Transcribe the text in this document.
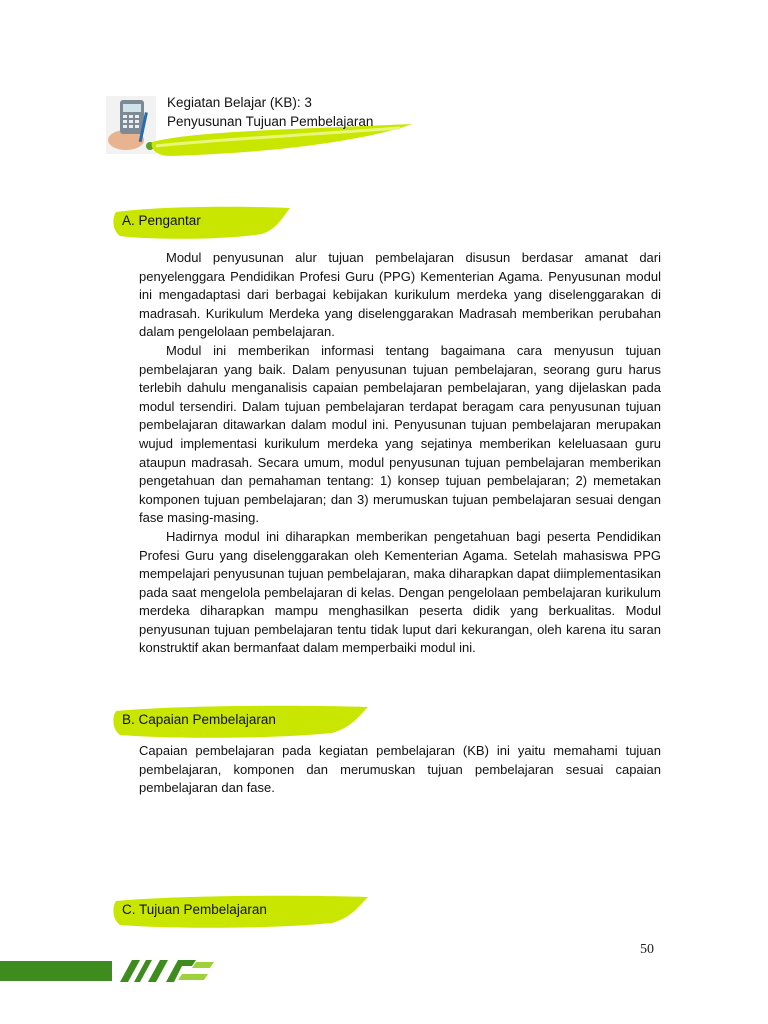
Kegiatan Belajar (KB): 3
Penyusunan Tujuan Pembelajaran
A. Pengantar

Modul penyusunan alur tujuan pembelajaran disusun berdasar amanat dari penyelenggara Pendidikan Profesi Guru (PPG) Kementerian Agama. Penyusunan modul ini mengadaptasi dari berbagai kebijakan kurikulum merdeka yang diselenggarakan di madrasah. Kurikulum Merdeka yang diselenggarakan Madrasah memberikan perubahan dalam pengelolaan pembelajaran.

Modul ini memberikan informasi tentang bagaimana cara menyusun tujuan pembelajaran yang baik. Dalam penyusunan tujuan pembelajaran, seorang guru harus terlebih dahulu menganalisis capaian pembelajaran pembelajaran, yang dijelaskan pada modul tersendiri. Dalam tujuan pembelajaran terdapat beragam cara penyusunan tujuan pembelajaran ditawarkan dalam modul ini. Penyusunan tujuan pembelajaran merupakan wujud implementasi kurikulum merdeka yang sejatinya memberikan keleluasaan guru ataupun madrasah. Secara umum, modul penyusunan tujuan pembelajaran memberikan pengetahuan dan pemahaman tentang: 1) konsep tujuan pembelajaran; 2) memetakan komponen tujuan pembelajaran; dan 3) merumuskan tujuan pembelajaran sesuai dengan fase masing-masing.

Hadirnya modul ini diharapkan memberikan pengetahuan bagi peserta Pendidikan Profesi Guru yang diselenggarakan oleh Kementerian Agama. Setelah mahasiswa PPG mempelajari penyusunan tujuan pembelajaran, maka diharapkan dapat diimplementasikan pada saat mengelola pembelajaran di kelas. Dengan pengelolaan pembelajaran kurikulum merdeka diharapkan mampu menghasilkan peserta didik yang berkualitas. Modul penyusunan tujuan pembelajaran tentu tidak luput dari kekurangan, oleh karena itu saran konstruktif akan bermanfaat dalam memperbaiki modul ini.

B. Capaian Pembelajaran

Capaian pembelajaran pada kegiatan pembelajaran (KB) ini yaitu memahami tujuan pembelajaran, komponen dan merumuskan tujuan pembelajaran sesuai capaian pembelajaran dan fase.

C. Tujuan Pembelajaran
50
